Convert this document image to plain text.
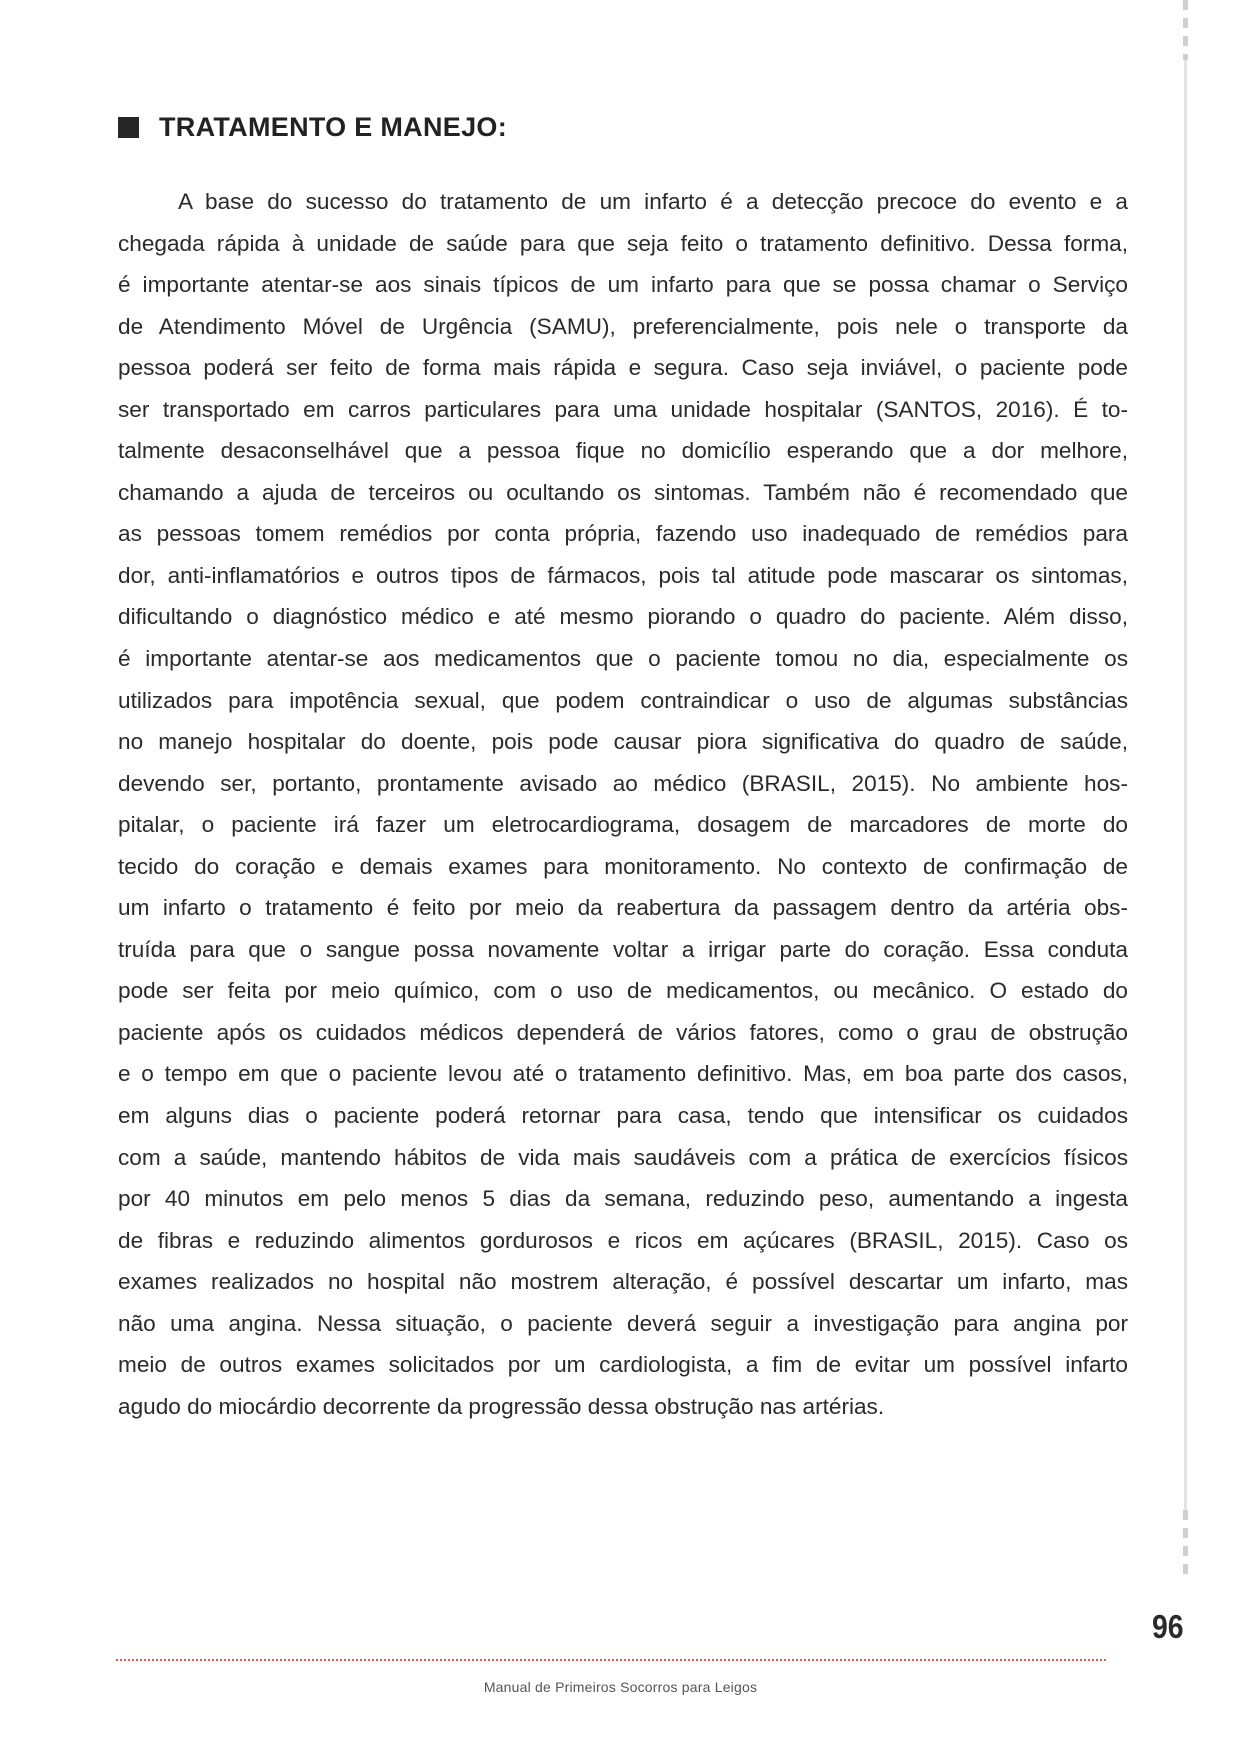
TRATAMENTO E MANEJO:
A base do sucesso do tratamento de um infarto é a detecção precoce do evento e a
chegada rápida à unidade de saúde para que seja feito o tratamento definitivo. Dessa forma,
é importante atentar-se aos sinais típicos de um infarto para que se possa chamar o Serviço
de Atendimento Móvel de Urgência (SAMU), preferencialmente, pois nele o transporte da
pessoa poderá ser feito de forma mais rápida e segura. Caso seja inviável, o paciente pode
ser transportado em carros particulares para uma unidade hospitalar (SANTOS, 2016). É to-
talmente desaconselhável que a pessoa fique no domicílio esperando que a dor melhore,
chamando a ajuda de terceiros ou ocultando os sintomas. Também não é recomendado que
as pessoas tomem remédios por conta própria, fazendo uso inadequado de remédios para
dor, anti-inflamatórios e outros tipos de fármacos, pois tal atitude pode mascarar os sintomas,
dificultando o diagnóstico médico e até mesmo piorando o quadro do paciente. Além disso,
é importante atentar-se aos medicamentos que o paciente tomou no dia, especialmente os
utilizados para impotência sexual, que podem contraindicar o uso de algumas substâncias
no manejo hospitalar do doente, pois pode causar piora significativa do quadro de saúde,
devendo ser, portanto, prontamente avisado ao médico (BRASIL, 2015). No ambiente hos-
pitalar, o paciente irá fazer um eletrocardiograma, dosagem de marcadores de morte do
tecido do coração e demais exames para monitoramento. No contexto de confirmação de
um infarto o tratamento é feito por meio da reabertura da passagem dentro da artéria obs-
truída para que o sangue possa novamente voltar a irrigar parte do coração. Essa conduta
pode ser feita por meio químico, com o uso de medicamentos, ou mecânico. O estado do
paciente após os cuidados médicos dependerá de vários fatores, como o grau de obstrução
e o tempo em que o paciente levou até o tratamento definitivo. Mas, em boa parte dos casos,
em alguns dias o paciente poderá retornar para casa, tendo que intensificar os cuidados
com a saúde, mantendo hábitos de vida mais saudáveis com a prática de exercícios físicos
por 40 minutos em pelo menos 5 dias da semana, reduzindo peso, aumentando a ingesta
de fibras e reduzindo alimentos gordurosos e ricos em açúcares (BRASIL, 2015). Caso os
exames realizados no hospital não mostrem alteração, é possível descartar um infarto, mas
não uma angina. Nessa situação, o paciente deverá seguir a investigação para angina por
meio de outros exames solicitados por um cardiologista, a fim de evitar um possível infarto
agudo do miocárdio decorrente da progressão dessa obstrução nas artérias.
96
Manual de Primeiros Socorros para Leigos
